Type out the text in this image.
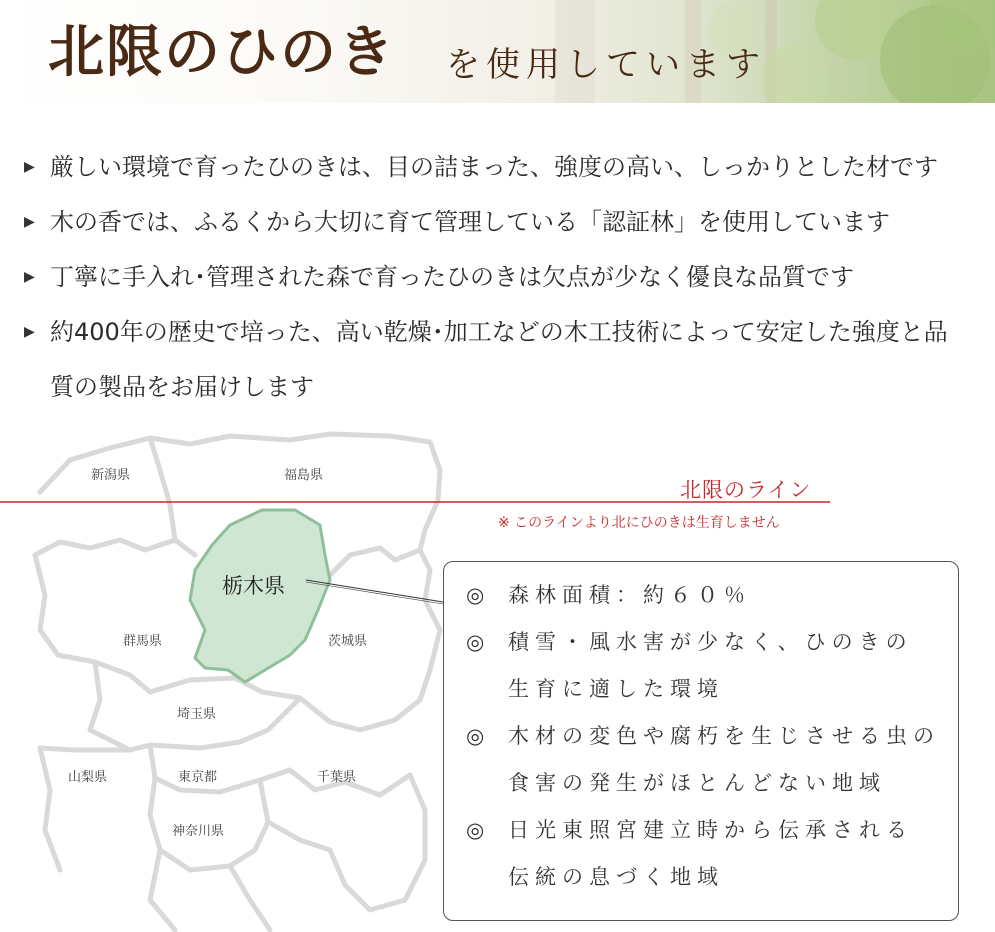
北限のひのき を使用しています
▶ 厳しい環境で育ったひのきは、目の詰まった、強度の高い、しっかりとした材です
▶ 木の香では、ふるくから大切に育て管理している「認証林」を使用しています
▶ 丁寧に手入れ･管理された森で育ったひのきは欠点が少なく優良な品質です
▶ 約400年の歴史で培った、高い乾燥･加工などの木工技術によって安定した強度と品質の製品をお届けします
新潟県	福島県
群馬県	茨城県
埼玉県
山梨県	東京都	千葉県
神奈川県
栃木県
北限のライン
※ このラインより北にひのきは生育しません
◎	森林面積：約６０％
◎	積雪・風水害が少なく、ひのきの
生育に適した環境
◎	木材の変色や腐朽を生じさせる虫の
食害の発生がほとんどない地域
◎	日光東照宮建立時から伝承される
伝統の息づく地域
